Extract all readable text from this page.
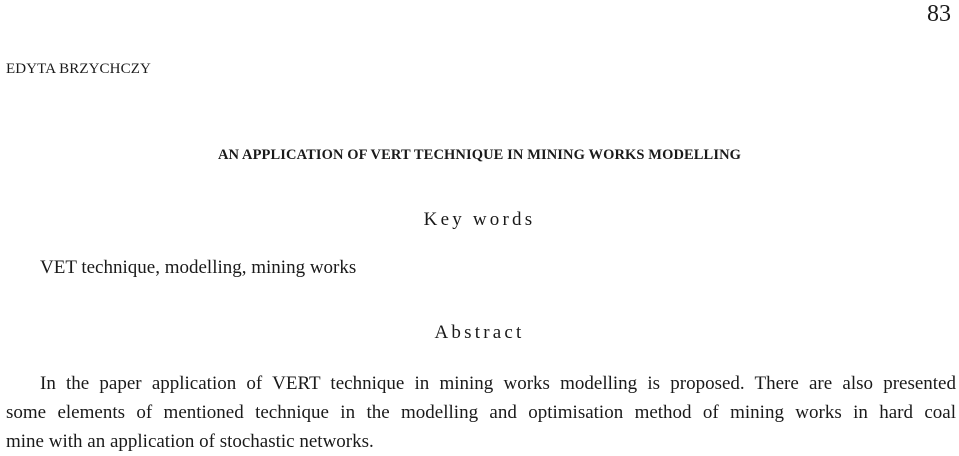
83
EDYTA BRZYCHCZY
AN APPLICATION OF VERT TECHNIQUE IN MINING WORKS MODELLING
Key words
VET technique, modelling, mining works
Abstract
In the paper application of VERT technique in mining works modelling is proposed. There are also presented
some elements of mentioned technique in the modelling and optimisation method of mining works in hard coal
mine with an application of stochastic networks.
